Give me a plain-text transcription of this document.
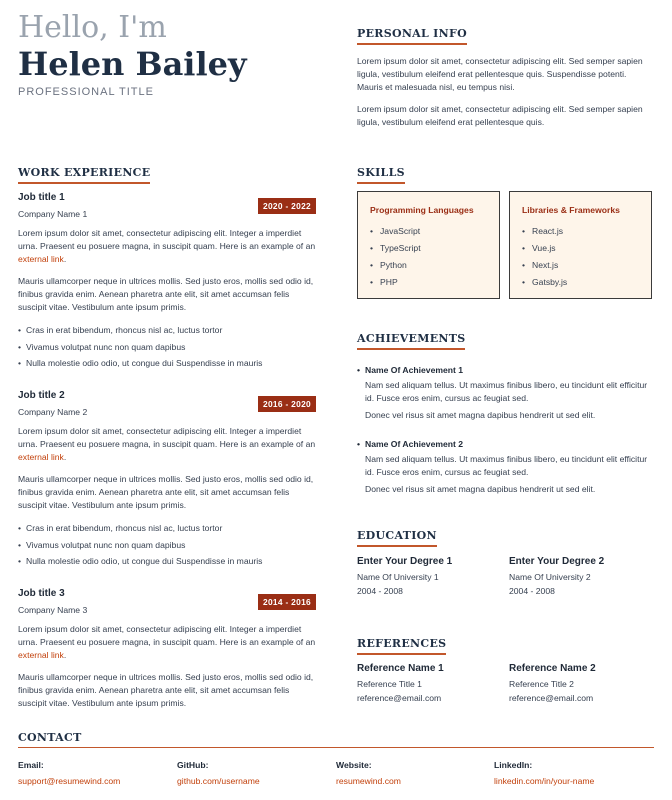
Hello, I'm
Helen Bailey
PROFESSIONAL TITLE
PERSONAL INFO

Lorem ipsum dolor sit amet, consectetur adipiscing elit. Sed semper sapien ligula, vestibulum eleifend erat pellentesque quis. Suspendisse potenti. Mauris et malesuada nisl, eu tempus nisi.

Lorem ipsum dolor sit amet, consectetur adipiscing elit. Sed semper sapien ligula, vestibulum eleifend erat pellentesque quis.

WORK EXPERIENCE
Job title 1
Company Name 1
2020 - 2022

Lorem ipsum dolor sit amet, consectetur adipiscing elit. Integer a imperdiet urna. Praesent eu posuere magna, in suscipit quam. Here is an example of an external link.

Mauris ullamcorper neque in ultrices mollis. Sed justo eros, mollis sed odio id, finibus gravida enim. Aenean pharetra ante elit, sit amet accumsan felis suscipit vitae. Vestibulum ante ipsum primis.

• Cras in erat bibendum, rhoncus nisl ac, luctus tortor
• Vivamus volutpat nunc non quam dapibus
• Nulla molestie odio odio, ut congue dui Suspendisse in mauris
Job title 2
Company Name 2
2016 - 2020

Lorem ipsum dolor sit amet, consectetur adipiscing elit. Integer a imperdiet urna. Praesent eu posuere magna, in suscipit quam. Here is an example of an external link.

Mauris ullamcorper neque in ultrices mollis. Sed justo eros, mollis sed odio id, finibus gravida enim. Aenean pharetra ante elit, sit amet accumsan felis suscipit vitae. Vestibulum ante ipsum primis.

• Cras in erat bibendum, rhoncus nisl ac, luctus tortor
• Vivamus volutpat nunc non quam dapibus
• Nulla molestie odio odio, ut congue dui Suspendisse in mauris
Job title 3
Company Name 3
2014 - 2016

Lorem ipsum dolor sit amet, consectetur adipiscing elit. Integer a imperdiet urna. Praesent eu posuere magna, in suscipit quam. Here is an example of an external link.

Mauris ullamcorper neque in ultrices mollis. Sed justo eros, mollis sed odio id, finibus gravida enim. Aenean pharetra ante elit, sit amet accumsan felis suscipit vitae. Vestibulum ante ipsum primis.

SKILLS
Programming Languages
• JavaScript
• TypeScript
• Python
• PHP
Libraries & Frameworks
• React.js
• Vue.js
• Next.js
• Gatsby.js
ACHIEVEMENTS
• Name Of Achievement 1

Nam sed aliquam tellus. Ut maximus finibus libero, eu tincidunt elit efficitur id. Fusce eros enim, cursus ac feugiat sed.

Donec vel risus sit amet magna dapibus hendrerit ut sed elit.

• Name Of Achievement 2

Nam sed aliquam tellus. Ut maximus finibus libero, eu tincidunt elit efficitur id. Fusce eros enim, cursus ac feugiat sed.

Donec vel risus sit amet magna dapibus hendrerit ut sed elit.

EDUCATION
Enter Your Degree 1
Name Of University 1
2004 - 2008
Enter Your Degree 2
Name Of University 2
2004 - 2008
REFERENCES
Reference Name 1
Reference Title 1
reference@email.com
Reference Name 2
Reference Title 2
reference@email.com
CONTACT
Email:
support@resumewind.com
GitHub:
github.com/username
Website:
resumewind.com
LinkedIn:
linkedin.com/in/your-name
